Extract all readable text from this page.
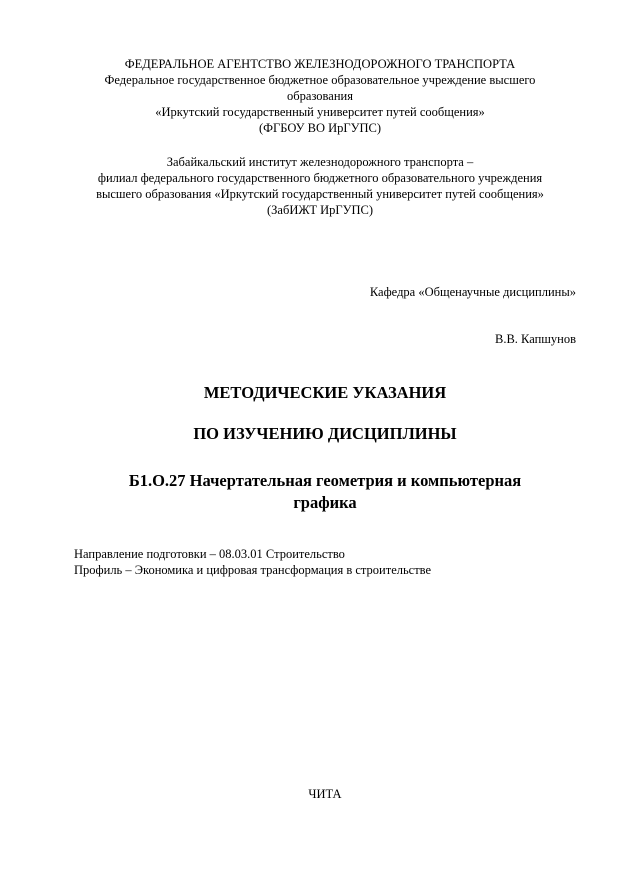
ФЕДЕРАЛЬНОЕ АГЕНТСТВО ЖЕЛЕЗНОДОРОЖНОГО ТРАНСПОРТА
Федеральное государственное бюджетное образовательное учреждение высшего
образования
«Иркутский государственный университет путей сообщения»
(ФГБОУ ВО ИрГУПС)
Забайкальский институт железнодорожного транспорта –
филиал федерального государственного бюджетного образовательного учреждения
высшего образования «Иркутский государственный университет путей сообщения»
(ЗабИЖТ ИрГУПС)
Кафедра «Общенаучные дисциплины»
В.В. Капшунов
МЕТОДИЧЕСКИЕ УКАЗАНИЯ
ПО ИЗУЧЕНИЮ ДИСЦИПЛИНЫ
Б1.О.27 Начертательная геометрия и компьютерная
графика
Направление подготовки – 08.03.01 Строительство
Профиль – Экономика и цифровая трансформация в строительстве
ЧИТА
